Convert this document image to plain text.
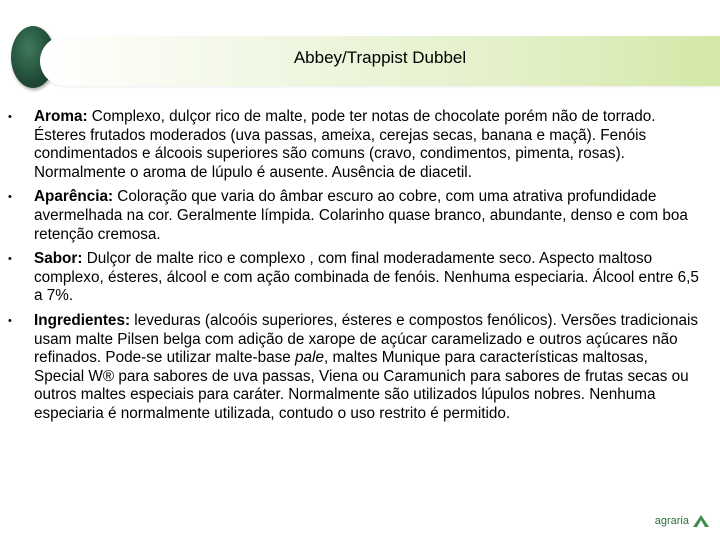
Abbey/Trappist Dubbel
• Aroma: Complexo, dulçor rico de malte, pode ter notas de chocolate porém não de torrado. Ésteres frutados moderados (uva passas, ameixa, cerejas secas, banana e maçã). Fenóis condimentados e álcoois superiores são comuns (cravo, condimentos, pimenta, rosas). Normalmente o aroma de lúpulo é ausente. Ausência de diacetil.
• Aparência: Coloração que varia do âmbar escuro ao cobre, com uma atrativa profundidade avermelhada na cor. Geralmente límpida. Colarinho quase branco, abundante, denso e com boa retenção cremosa.
• Sabor: Dulçor de malte rico e complexo , com final moderadamente seco. Aspecto maltoso complexo, ésteres, álcool e com ação combinada de fenóis. Nenhuma especiaria. Álcool entre 6,5 a 7%.
• Ingredientes: leveduras (alcoóis superiores, ésteres e compostos fenólicos). Versões tradicionais usam malte Pilsen belga com adição de xarope de açúcar caramelizado e outros açúcares não refinados. Pode-se utilizar malte-base pale, maltes Munique para características maltosas, Special W® para sabores de uva passas, Viena ou Caramunich para sabores de frutas secas ou outros maltes especiais para caráter. Normalmente são utilizados lúpulos nobres. Nenhuma especiaria é normalmente utilizada, contudo o uso restrito é permitido.
agraria
